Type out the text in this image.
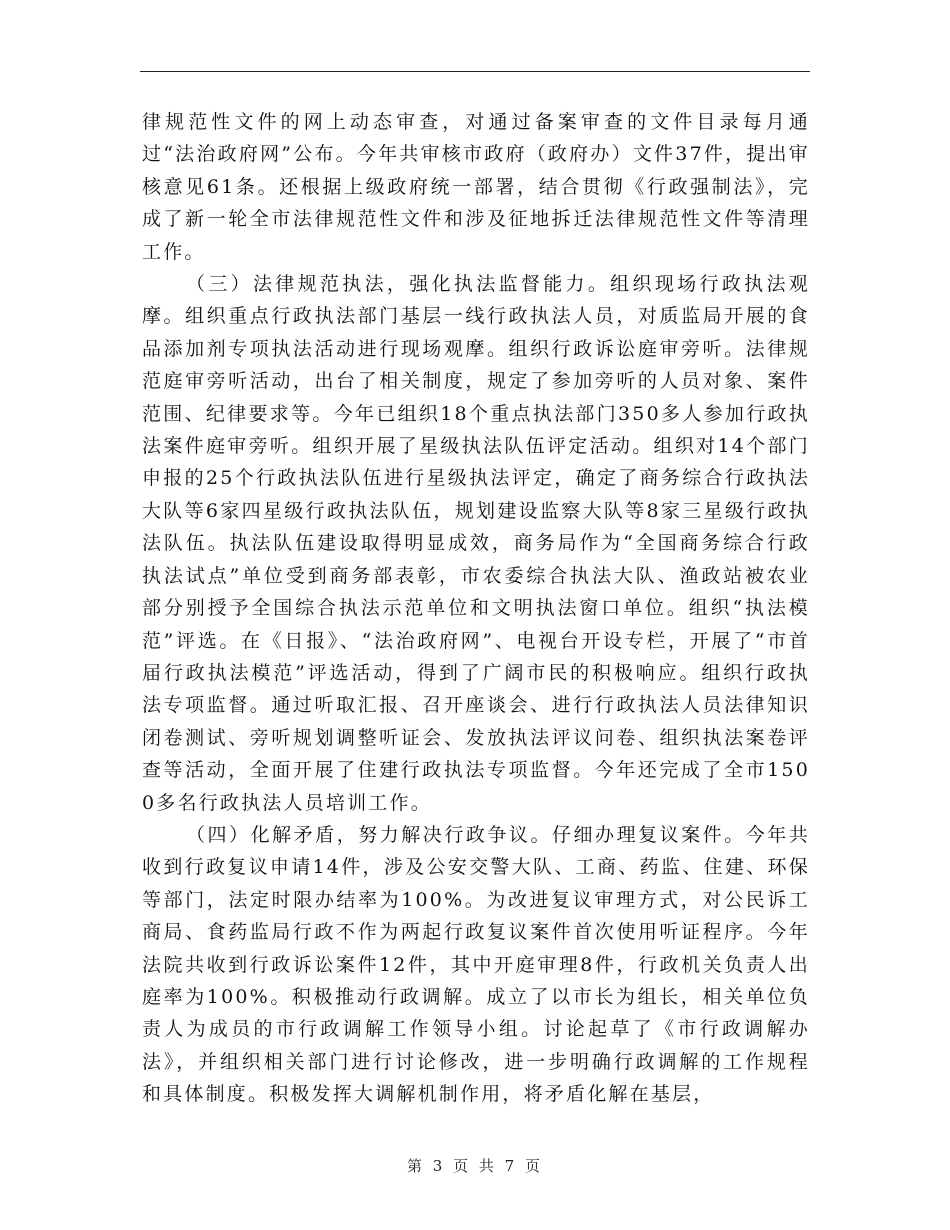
律规范性文件的网上动态审查，对通过备案审查的文件目录每月通过“法治政府网”公布。今年共审核市政府（政府办）文件37件，提出审核意见61条。还根据上级政府统一部署，结合贯彻《行政强制法》，完成了新一轮全市法律规范性文件和涉及征地拆迁法律规范性文件等清理工作。

（三）法律规范执法，强化执法监督能力。组织现场行政执法观摩。组织重点行政执法部门基层一线行政执法人员，对质监局开展的食品添加剂专项执法活动进行现场观摩。组织行政诉讼庭审旁听。法律规范庭审旁听活动，出台了相关制度，规定了参加旁听的人员对象、案件范围、纪律要求等。今年已组织18个重点执法部门350多人参加行政执法案件庭审旁听。组织开展了星级执法队伍评定活动。组织对14个部门申报的25个行政执法队伍进行星级执法评定，确定了商务综合行政执法大队等6家四星级行政执法队伍，规划建设监察大队等8家三星级行政执法队伍。执法队伍建设取得明显成效，商务局作为“全国商务综合行政执法试点”单位受到商务部表彰，市农委综合执法大队、渔政站被农业部分别授予全国综合执法示范单位和文明执法窗口单位。组织“执法模范”评选。在《日报》、“法治政府网”、电视台开设专栏，开展了“市首届行政执法模范”评选活动，得到了广阔市民的积极响应。组织行政执法专项监督。通过听取汇报、召开座谈会、进行行政执法人员法律知识闭卷测试、旁听规划调整听证会、发放执法评议问卷、组织执法案卷评查等活动，全面开展了住建行政执法专项监督。今年还完成了全市1500多名行政执法人员培训工作。

（四）化解矛盾，努力解决行政争议。仔细办理复议案件。今年共收到行政复议申请14件，涉及公安交警大队、工商、药监、住建、环保等部门，法定时限办结率为100%。为改进复议审理方式，对公民诉工商局、食药监局行政不作为两起行政复议案件首次使用听证程序。今年法院共收到行政诉讼案件12件，其中开庭审理8件，行政机关负责人出庭率为100%。积极推动行政调解。成立了以市长为组长，相关单位负责人为成员的市行政调解工作领导小组。讨论起草了《市行政调解办法》，并组织相关部门进行讨论修改，进一步明确行政调解的工作规程和具体制度。积极发挥大调解机制作用，将矛盾化解在基层，

第 3 页 共 7 页
